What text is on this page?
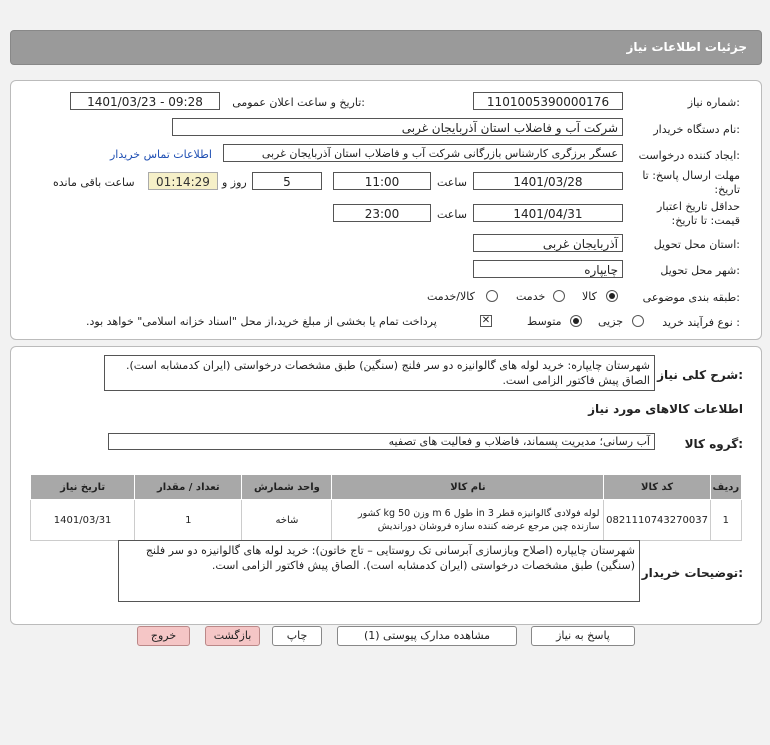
جزئیات اطلاعات نیاز
شماره نیاز:
1101005390000176
تاریخ و ساعت اعلان عمومی:
1401/03/23 - 09:28
نام دستگاه خریدار:
شرکت آب و فاضلاب استان آذربایجان غربی
ایجاد کننده درخواست:
عسگر برزگری کارشناس بازرگانی شرکت آب و فاضلاب استان آذربایجان غربی
اطلاعات تماس خریدار
مهلت ارسال پاسخ: تا تاریخ:
1401/03/28
ساعت
11:00
5
روز و
01:14:29
ساعت باقی مانده
حداقل تاریخ اعتبار قیمت: تا تاریخ:
1401/04/31
ساعت
23:00
استان محل تحویل:
آذربایجان غربی
شهر محل تحویل:
چایپاره
طبقه بندی موضوعی:
کالا
خدمت
کالا/خدمت
نوع فرآیند خرید :
جزیی
متوسط
✕
پرداخت تمام یا بخشی از مبلغ خرید،از محل "اسناد خزانه اسلامی" خواهد بود.
شرح کلی نیاز:
شهرستان چایپاره: خرید لوله های گالوانیزه دو سر فلنج (سنگین) طبق مشخصات درخواستی (ایران کدمشابه است). الصاق پیش فاکتور الزامی است.
اطلاعات کالاهای مورد نیاز
گروه کالا:
آب رسانی؛ مدیریت پسماند، فاضلاب و فعالیت های تصفیه
ردیف	کد کالا	نام کالا	واحد شمارش	تعداد / مقدار	تاریخ نیاز
1	0821110743270037	لوله فولادی گالوانیزه قطر 3 in طول 6 m وزن 50 kg کشور سازنده چین مرجع عرضه کننده سازه فروشان دوراندیش	شاخه	1	1401/03/31
توضیحات خریدار:
شهرستان چایپاره (اصلاح وبازسازی آبرسانی تک روستایی – تاج خاتون): خرید لوله های گالوانیزه دو سر فلنج (سنگین) طبق مشخصات درخواستی (ایران کدمشابه است). الصاق پیش فاکتور الزامی است.
پاسخ به نیاز
مشاهده مدارک پیوستی (1)
چاپ
بازگشت
خروج
